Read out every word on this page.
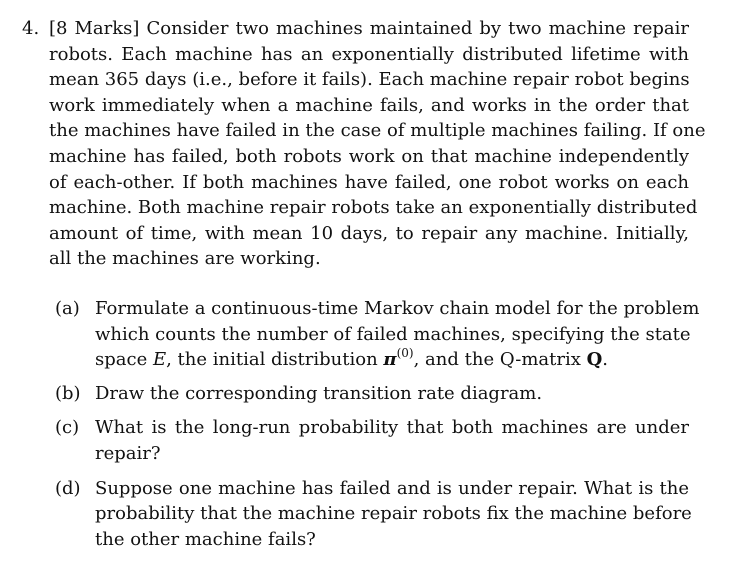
4. [8 Marks] Consider two machines maintained by two machine repair
robots. Each machine has an exponentially distributed lifetime with
mean 365 days (i.e., before it fails). Each machine repair robot begins
work immediately when a machine fails, and works in the order that
the machines have failed in the case of multiple machines failing. If one
machine has failed, both robots work on that machine independently
of each-other. If both machines have failed, one robot works on each
machine. Both machine repair robots take an exponentially distributed
amount of time, with mean 10 days, to repair any machine. Initially,
all the machines are working.
(a) Formulate a continuous-time Markov chain model for the problem
which counts the number of failed machines, specifying the state
space E, the initial distribution $\pi^{(0)}$, and the Q-matrix Q.
(b) Draw the corresponding transition rate diagram.
(c) What is the long-run probability that both machines are under
repair?
(d) Suppose one machine has failed and is under repair. What is the
probability that the machine repair robots fix the machine before
the other machine fails?
